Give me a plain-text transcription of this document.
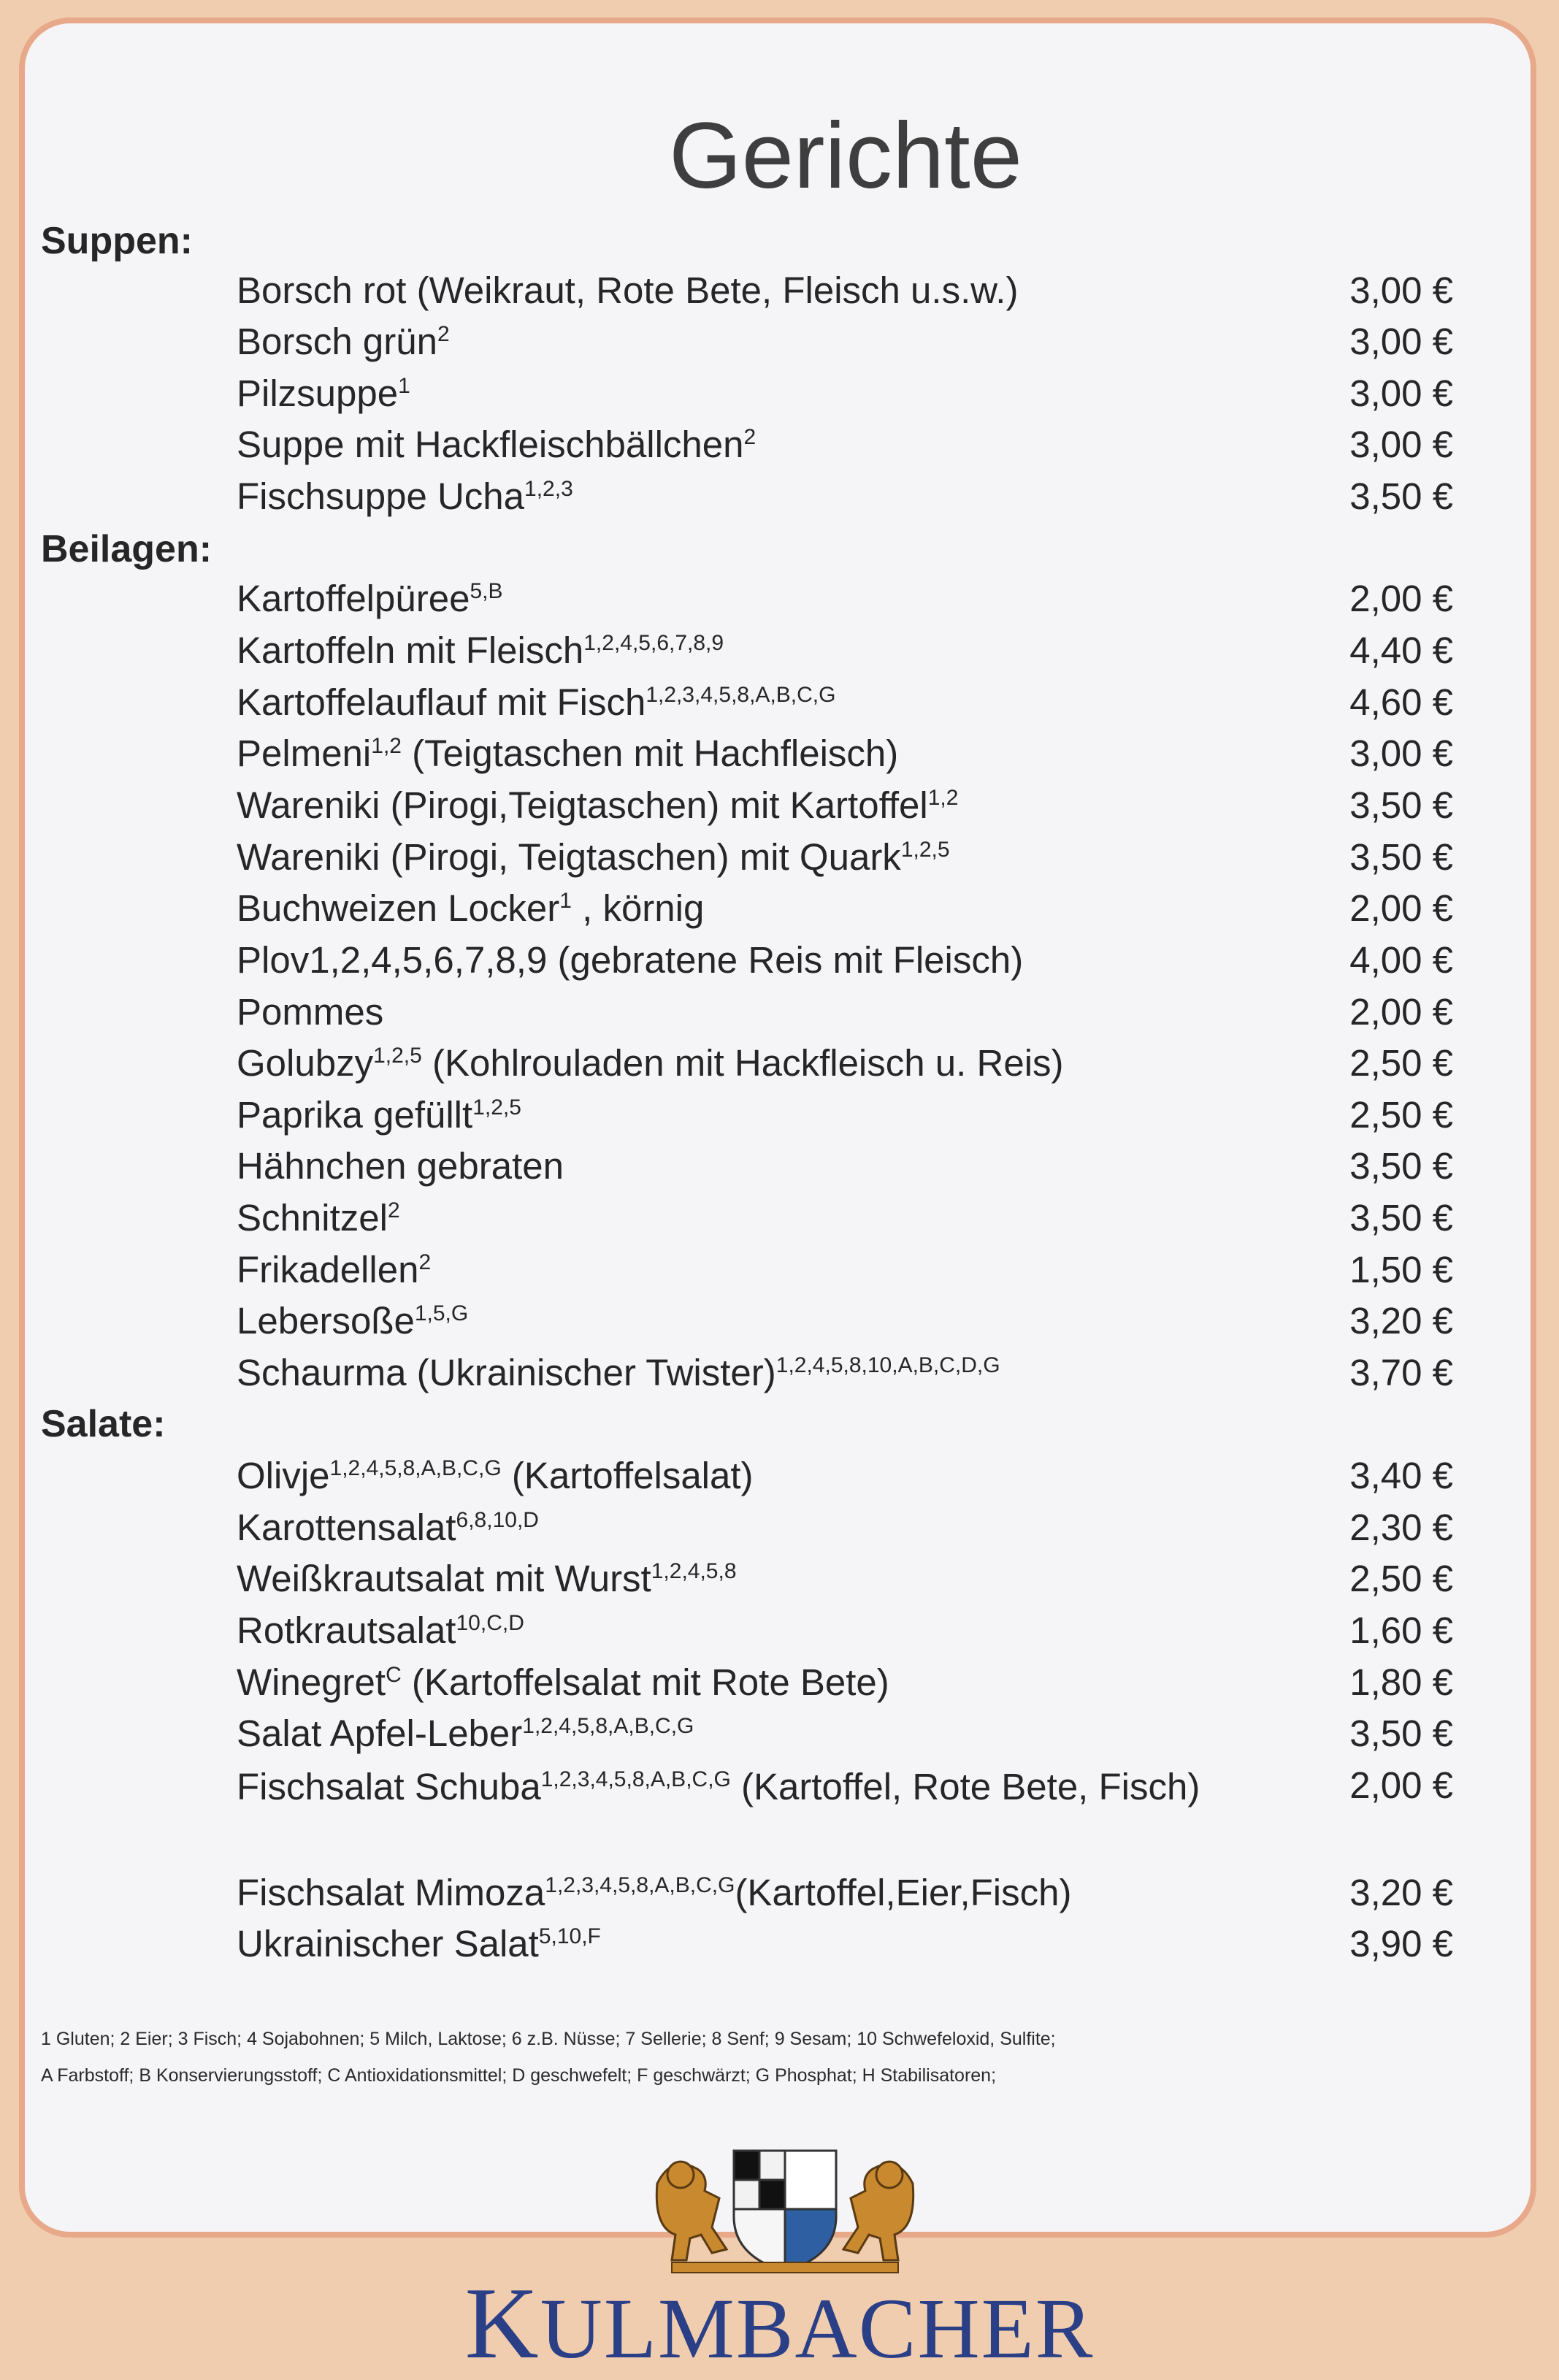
Gerichte
Suppen:
Beilagen:
Salate:
Borsch rot (Weikraut, Rote Bete, Fleisch u.s.w.)	3,00 €
Borsch grün$^2$	3,00 €
Pilzsuppe$^1$	3,00 €
Suppe mit Hackfleischbällchen$^2$	3,00 €
Fischsuppe Ucha$^{1,2,3}$	3,50 €
Kartoffelpüree$^{5,B}$	2,00 €
Kartoffeln mit Fleisch$^{1,2,4,5,6,7,8,9}$	4,40 €
Kartoffelauflauf mit Fisch$^{1,2,3,4,5,8,A,B,C,G}$	4,60 €
Pelmeni$^{1,2}$ (Teigtaschen mit Hachfleisch)	3,00 €
Wareniki (Pirogi,Teigtaschen) mit Kartoffel$^{1,2}$	3,50 €
Wareniki (Pirogi, Teigtaschen) mit Quark$^{1,2,5}$	3,50 €
Buchweizen Locker$^1$ , körnig	2,00 €
Plov1,2,4,5,6,7,8,9 (gebratene Reis mit Fleisch)	4,00 €
Pommes	2,00 €
Golubzy$^{1,2,5}$ (Kohlrouladen mit Hackfleisch u. Reis)	2,50 €
Paprika gefüllt$^{1,2,5}$	2,50 €
Hähnchen gebraten	3,50 €
Schnitzel$^2$	3,50 €
Frikadellen$^2$	1,50 €
Lebersoße$^{1,5,G}$	3,20 €
Schaurma (Ukrainischer Twister)$^{1,2,4,5,8,10,A,B,C,D,G}$	3,70 €
Olivje$^{1,2,4,5,8,A,B,C,G}$ (Kartoffelsalat)	3,40 €
Karottensalat$^{6,8,10,D}$	2,30 €
Weißkrautsalat mit Wurst$^{1,2,4,5,8}$	2,50 €
Rotkrautsalat$^{10,C,D}$	1,60 €
Winegret$^C$ (Kartoffelsalat mit Rote Bete)	1,80 €
Salat Apfel-Leber$^{1,2,4,5,8,A,B,C,G}$	3,50 €
Fischsalat Schuba$^{1,2,3,4,5,8,A,B,C,G}$ (Kartoffel, Rote Bete, Fisch)	2,00 €
Fischsalat Mimoza$^{1,2,3,4,5,8,A,B,C,G}$(Kartoffel,Eier,Fisch)	3,20 €
Ukrainischer Salat$^{5,10,F}$	3,90 €
1 Gluten; 2 Eier; 3 Fisch; 4 Sojabohnen; 5 Milch, Laktose; 6 z.B. Nüsse; 7 Sellerie; 8 Senf; 9 Sesam; 10 Schwefeloxid, Sulfite;
A Farbstoff; B Konservierungsstoff; C Antioxidationsmittel; D geschwefelt; F geschwärzt; G Phosphat; H Stabilisatoren;
KULMBACHER
